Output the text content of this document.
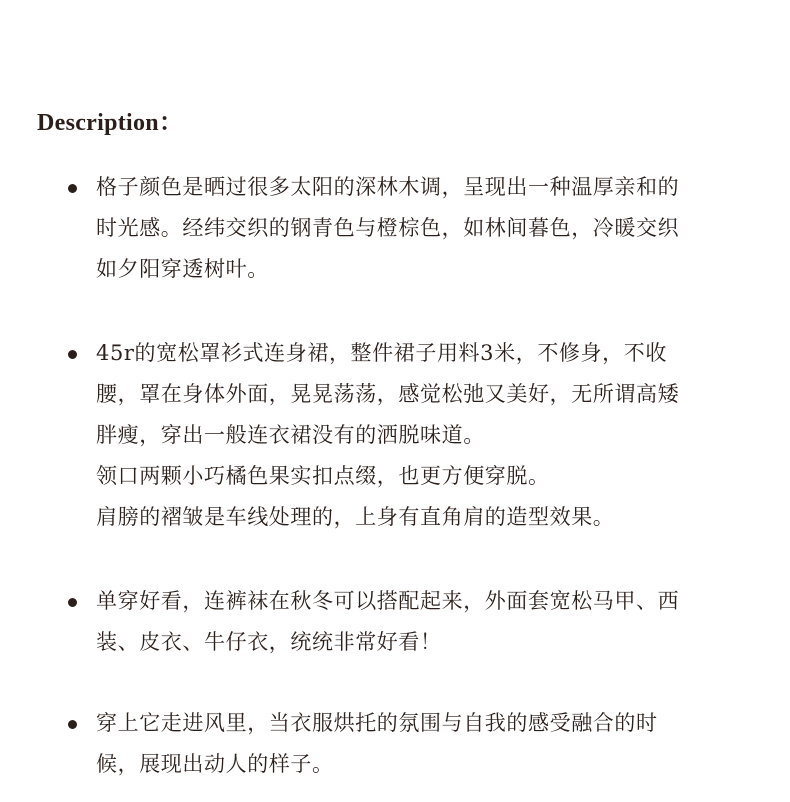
Description：
格子颜色是晒过很多太阳的深林木调，呈现出一种温厚亲和的
时光感。经纬交织的钢青色与橙棕色，如林间暮色，冷暖交织
如夕阳穿透树叶。
45r的宽松罩衫式连身裙，整件裙子用料3米，不修身，不收
腰，罩在身体外面，晃晃荡荡，感觉松弛又美好，无所谓高矮
胖瘦，穿出一般连衣裙没有的洒脱味道。
领口两颗小巧橘色果实扣点缀，也更方便穿脱。
肩膀的褶皱是车线处理的，上身有直角肩的造型效果。
单穿好看，连裤袜在秋冬可以搭配起来，外面套宽松马甲、西
装、皮衣、牛仔衣，统统非常好看！
穿上它走进风里，当衣服烘托的氛围与自我的感受融合的时
候，展现出动人的样子。
